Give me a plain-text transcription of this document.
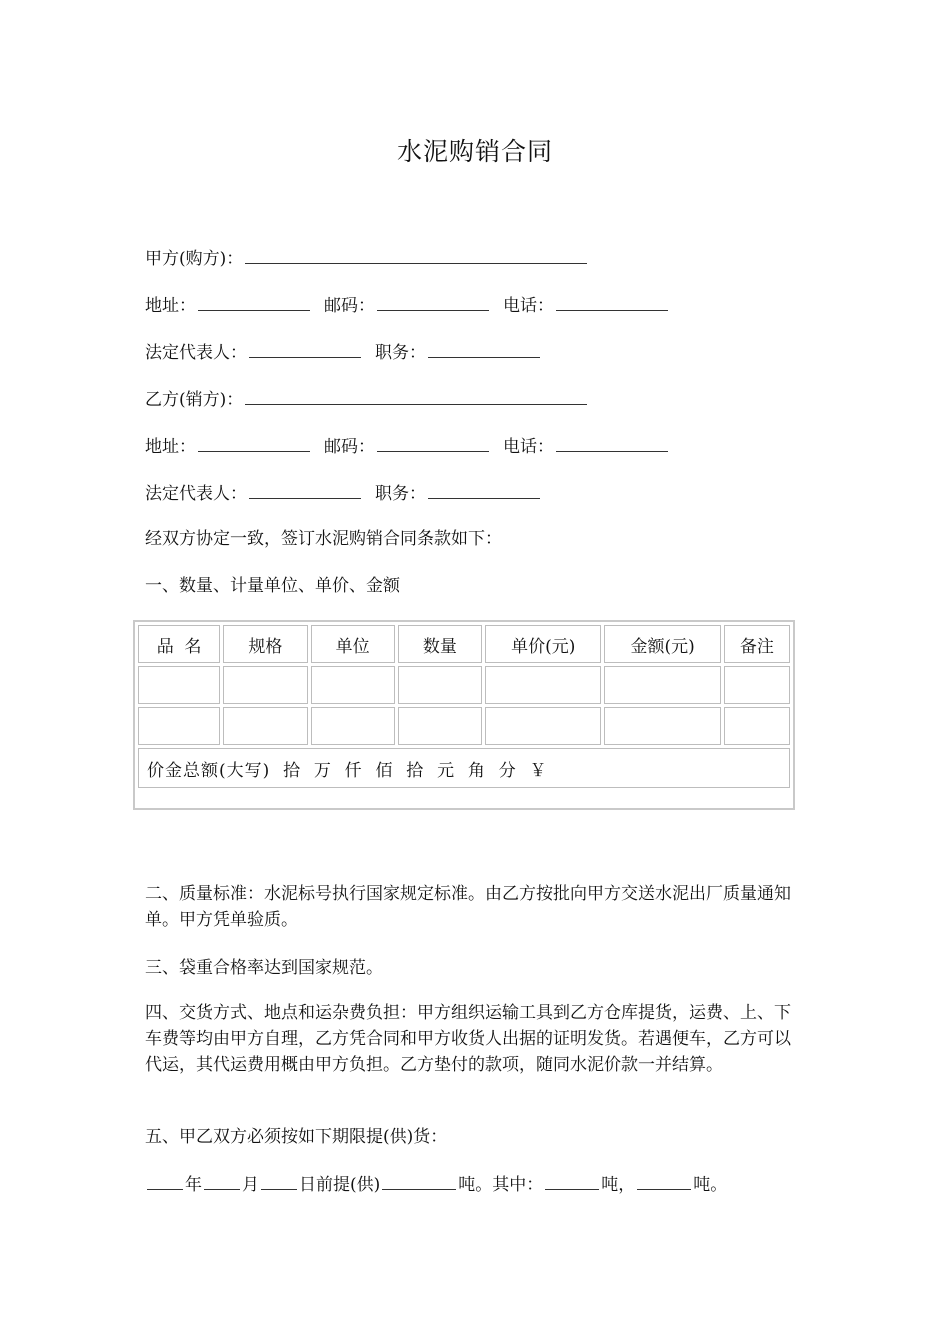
水泥购销合同
甲方(购方)：
地址：	邮码：	电话：
法定代表人：	职务：
乙方(销方)：
地址：	邮码：	电话：
法定代表人：	职务：
经双方协定一致，签订水泥购销合同条款如下：
一、数量、计量单位、单价、金额
品  名	规格	单位	数量	单价(元)	金额(元)	备注

价金总额(大写)  拾  万  仟  佰  拾  元  角  分  ￥						
二、质量标准：水泥标号执行国家规定标准。由乙方按批向甲方交送水泥出厂质量通知单。甲方凭单验质。
三、袋重合格率达到国家规范。
四、交货方式、地点和运杂费负担：甲方组织运输工具到乙方仓库提货，运费、上、下车费等均由甲方自理，乙方凭合同和甲方收货人出据的证明发货。若遇便车，乙方可以代运，其代运费用概由甲方负担。乙方垫付的款项，随同水泥价款一并结算。
五、甲乙双方必须按如下期限提(供)货：
年 月 日前提(供)	吨。其中：	吨，	吨。
